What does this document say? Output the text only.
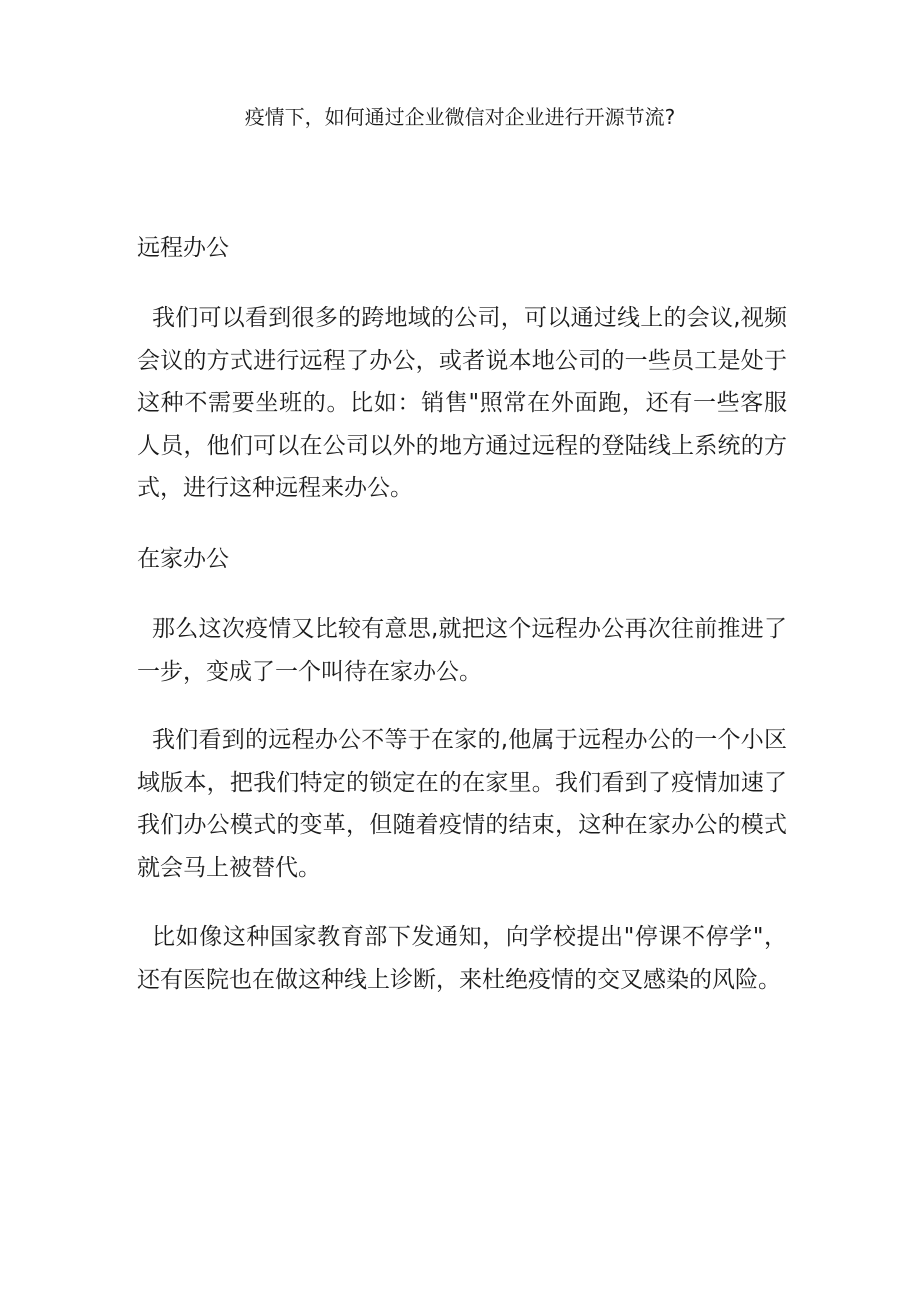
疫情下，如何通过企业微信对企业进行开源节流?
远程办公

我们可以看到很多的跨地域的公司，可以通过线上的会议,视频会议的方式进行远程了办公，或者说本地公司的一些员工是处于这种不需要坐班的。比如：销售"照常在外面跑，还有一些客服人员，他们可以在公司以外的地方通过远程的登陆线上系统的方式，进行这种远程来办公。

在家办公

那么这次疫情又比较有意思,就把这个远程办公再次往前推进了一步，变成了一个叫待在家办公。

我们看到的远程办公不等于在家的,他属于远程办公的一个小区域版本，把我们特定的锁定在的在家里。我们看到了疫情加速了我们办公模式的变革，但随着疫情的结束，这种在家办公的模式就会马上被替代。

比如像这种国家教育部下发通知，向学校提出"停课不停学"，还有医院也在做这种线上诊断，来杜绝疫情的交叉感染的风险。
